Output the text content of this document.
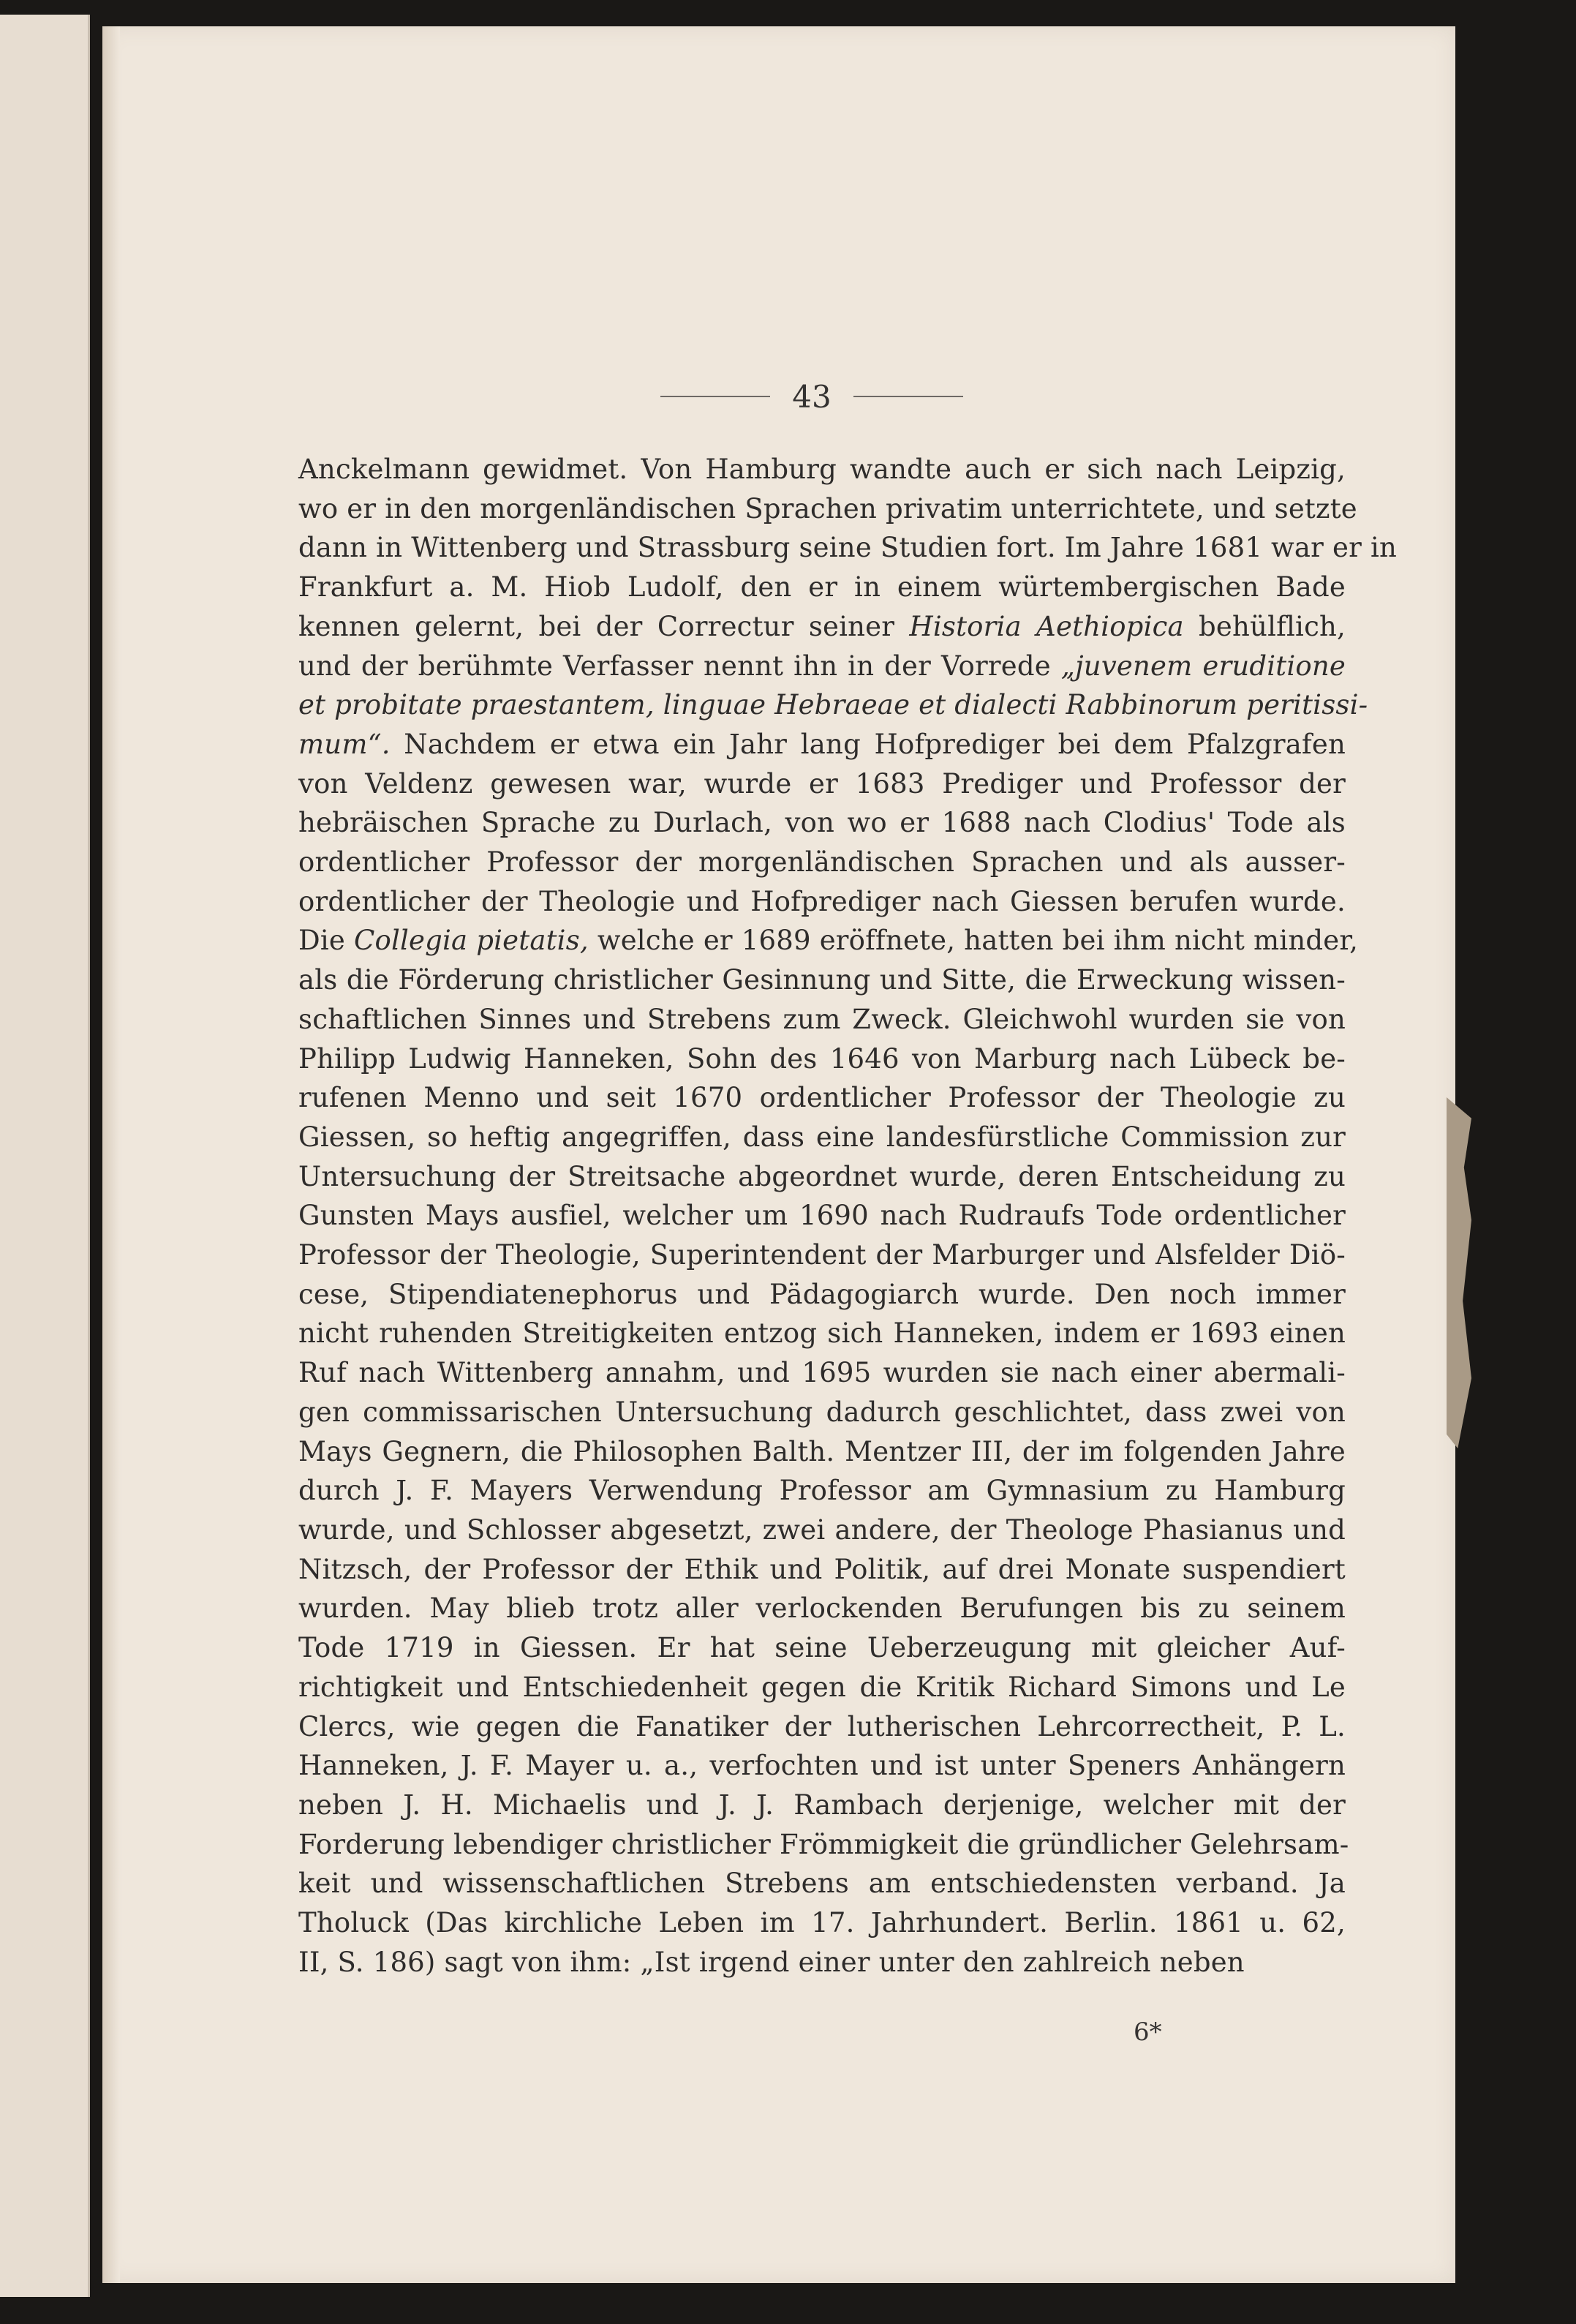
43
Anckelmann gewidmet. Von Hamburg wandte auch er sich nach Leipzig,
wo er in den morgenländischen Sprachen privatim unterrichtete, und setzte
dann in Wittenberg und Strassburg seine Studien fort. Im Jahre 1681 war er in
Frankfurt a. M. Hiob Ludolf, den er in einem würtembergischen Bade
kennen gelernt, bei der Correctur seiner Historia Aethiopica behülflich,
und der berühmte Verfasser nennt ihn in der Vorrede „juvenem eruditione
et probitate praestantem, linguae Hebraeae et dialecti Rabbinorum peritissi-
mum“. Nachdem er etwa ein Jahr lang Hofprediger bei dem Pfalzgrafen
von Veldenz gewesen war, wurde er 1683 Prediger und Professor der
hebräischen Sprache zu Durlach, von wo er 1688 nach Clodius' Tode als
ordentlicher Professor der morgenländischen Sprachen und als ausser-
ordentlicher der Theologie und Hofprediger nach Giessen berufen wurde.
Die Collegia pietatis, welche er 1689 eröffnete, hatten bei ihm nicht minder,
als die Förderung christlicher Gesinnung und Sitte, die Erweckung wissen-
schaftlichen Sinnes und Strebens zum Zweck. Gleichwohl wurden sie von
Philipp Ludwig Hanneken, Sohn des 1646 von Marburg nach Lübeck be-
rufenen Menno und seit 1670 ordentlicher Professor der Theologie zu
Giessen, so heftig angegriffen, dass eine landesfürstliche Commission zur
Untersuchung der Streitsache abgeordnet wurde, deren Entscheidung zu
Gunsten Mays ausfiel, welcher um 1690 nach Rudraufs Tode ordentlicher
Professor der Theologie, Superintendent der Marburger und Alsfelder Diö-
cese, Stipendiatenephorus und Pädagogiarch wurde. Den noch immer
nicht ruhenden Streitigkeiten entzog sich Hanneken, indem er 1693 einen
Ruf nach Wittenberg annahm, und 1695 wurden sie nach einer abermali-
gen commissarischen Untersuchung dadurch geschlichtet, dass zwei von
Mays Gegnern, die Philosophen Balth. Mentzer III, der im folgenden Jahre
durch J. F. Mayers Verwendung Professor am Gymnasium zu Hamburg
wurde, und Schlosser abgesetzt, zwei andere, der Theologe Phasianus und
Nitzsch, der Professor der Ethik und Politik, auf drei Monate suspendiert
wurden. May blieb trotz aller verlockenden Berufungen bis zu seinem
Tode 1719 in Giessen. Er hat seine Ueberzeugung mit gleicher Auf-
richtigkeit und Entschiedenheit gegen die Kritik Richard Simons und Le
Clercs, wie gegen die Fanatiker der lutherischen Lehrcorrectheit, P. L.
Hanneken, J. F. Mayer u. a., verfochten und ist unter Speners Anhängern
neben J. H. Michaelis und J. J. Rambach derjenige, welcher mit der
Forderung lebendiger christlicher Frömmigkeit die gründlicher Gelehrsam-
keit und wissenschaftlichen Strebens am entschiedensten verband. Ja
Tholuck (Das kirchliche Leben im 17. Jahrhundert. Berlin. 1861 u. 62,
II, S. 186) sagt von ihm: „Ist irgend einer unter den zahlreich neben
6*
